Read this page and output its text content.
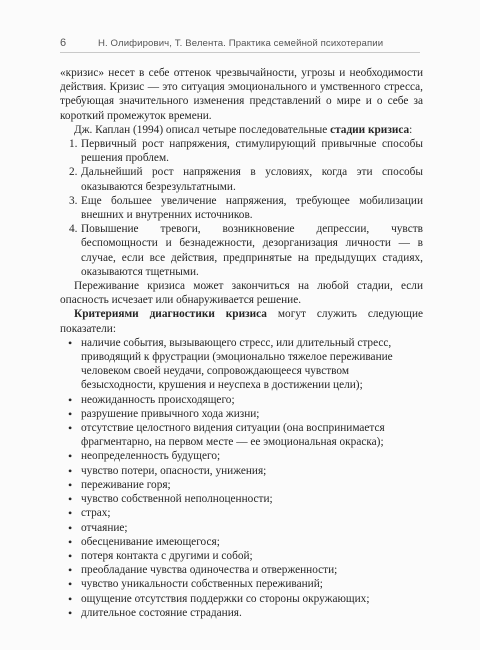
6	Н. Олифирович, Т. Велента. Практика семейной психотерапии

«кризис» несет в себе оттенок чрезвычайности, угрозы и необходимости действия. Кризис — это ситуация эмоционального и умственного стресса, требующая значительного изменения представлений о мире и о себе за короткий промежуток времени.

Дж. Каплан (1994) описал четыре последовательные стадии кризиса:

1. Первичный рост напряжения, стимулирующий привычные способы решения проблем.
2. Дальнейший рост напряжения в условиях, когда эти способы оказываются безрезультатными.
3. Еще большее увеличение напряжения, требующее мобилизации внешних и внутренних источников.
4. Повышение тревоги, возникновение депрессии, чувств беспомощности и безнадежности, дезорганизация личности — в случае, если все действия, предпринятые на предыдущих стадиях, оказываются тщетными.

Переживание кризиса может закончиться на любой стадии, если опасность исчезает или обнаруживается решение.

Критериями диагностики кризиса могут служить следующие показатели:

• наличие события, вызывающего стресс, или длительный стресс, приводящий к фрустрации (эмоционально тяжелое переживание человеком своей неудачи, сопровождающееся чувством безысходности, крушения и неуспеха в достижении цели);
• неожиданность происходящего;
• разрушение привычного хода жизни;
• отсутствие целостного видения ситуации (она воспринимается фрагментарно, на первом месте — ее эмоциональная окраска);
• неопределенность будущего;
• чувство потери, опасности, унижения;
• переживание горя;
• чувство собственной неполноценности;
• страх;
• отчаяние;
• обесценивание имеющегося;
• потеря контакта с другими и собой;
• преобладание чувства одиночества и отверженности;
• чувство уникальности собственных переживаний;
• ощущение отсутствия поддержки со стороны окружающих;
• длительное состояние страдания.
